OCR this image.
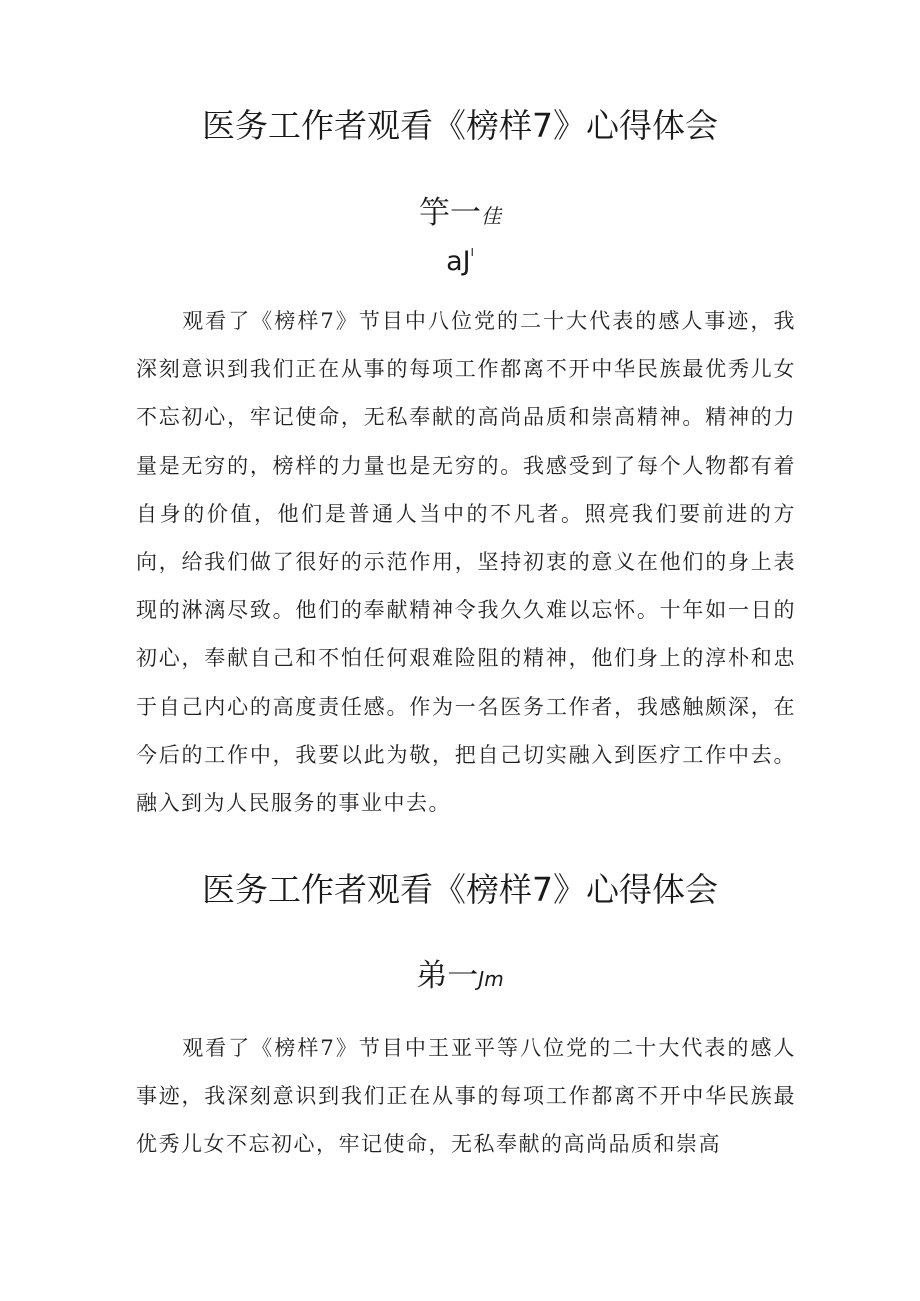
医务工作者观看《榜样7》心得体会
竽一佳
$aJ^I$

观看了《榜样7》节目中八位党的二十大代表的感人事迹，我深刻意识到我们正在从事的每项工作都离不开中华民族最优秀儿女不忘初心，牢记使命，无私奉献的高尚品质和崇高精神。精神的力量是无穷的，榜样的力量也是无穷的。我感受到了每个人物都有着自身的价值，他们是普通人当中的不凡者。照亮我们要前进的方向，给我们做了很好的示范作用，坚持初衷的意义在他们的身上表现的淋漓尽致。他们的奉献精神令我久久难以忘怀。十年如一日的初心，奉献自己和不怕任何艰难险阻的精神，他们身上的淳朴和忠于自己内心的高度责任感。作为一名医务工作者，我感触颇深，在今后的工作中，我要以此为敬，把自己切实融入到医疗工作中去。融入到为人民服务的事业中去。

医务工作者观看《榜样7》心得体会
弟一Jm

观看了《榜样7》节目中王亚平等八位党的二十大代表的感人事迹，我深刻意识到我们正在从事的每项工作都离不开中华民族最优秀儿女不忘初心，牢记使命，无私奉献的高尚品质和崇高
